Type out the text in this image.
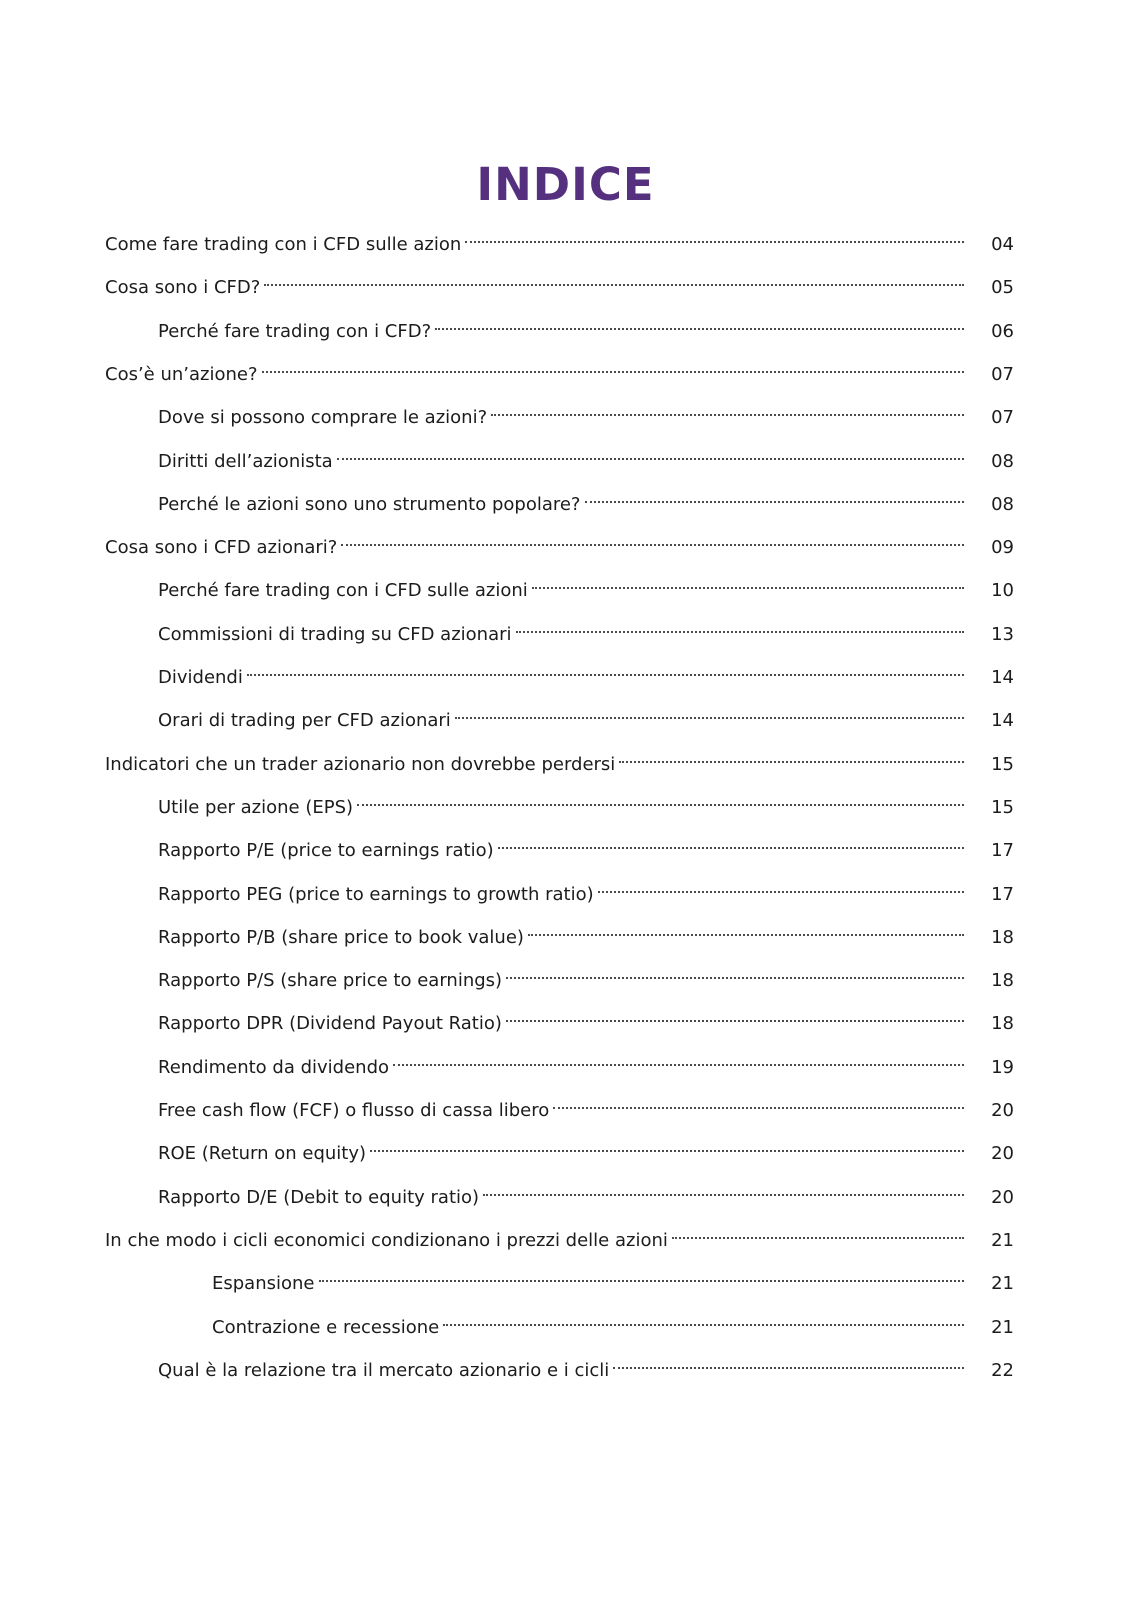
INDICE
Come fare trading con i CFD sulle azion	04
Cosa sono i CFD?	05
Perché fare trading con i CFD?	06
Cos’è un’azione?	07
Dove si possono comprare le azioni?	07
Diritti dell’azionista	08
Perché le azioni sono uno strumento popolare?	08
Cosa sono i CFD azionari?	09
Perché fare trading con i CFD sulle azioni	10
Commissioni di trading su CFD azionari	13
Dividendi	14
Orari di trading per CFD azionari	14
Indicatori che un trader azionario non dovrebbe perdersi	15
Utile per azione (EPS)	15
Rapporto P/E (price to earnings ratio)	17
Rapporto PEG (price to earnings to growth ratio)	17
Rapporto P/B (share price to book value)	18
Rapporto P/S (share price to earnings)	18
Rapporto DPR (Dividend Payout Ratio)	18
Rendimento da dividendo	19
Free cash flow (FCF) o flusso di cassa libero	20
ROE (Return on equity)	20
Rapporto D/E (Debit to equity ratio)	20
In che modo i cicli economici condizionano i prezzi delle azioni	21
Espansione	21
Contrazione e recessione	21
Qual è la relazione tra il mercato azionario e i cicli	22
